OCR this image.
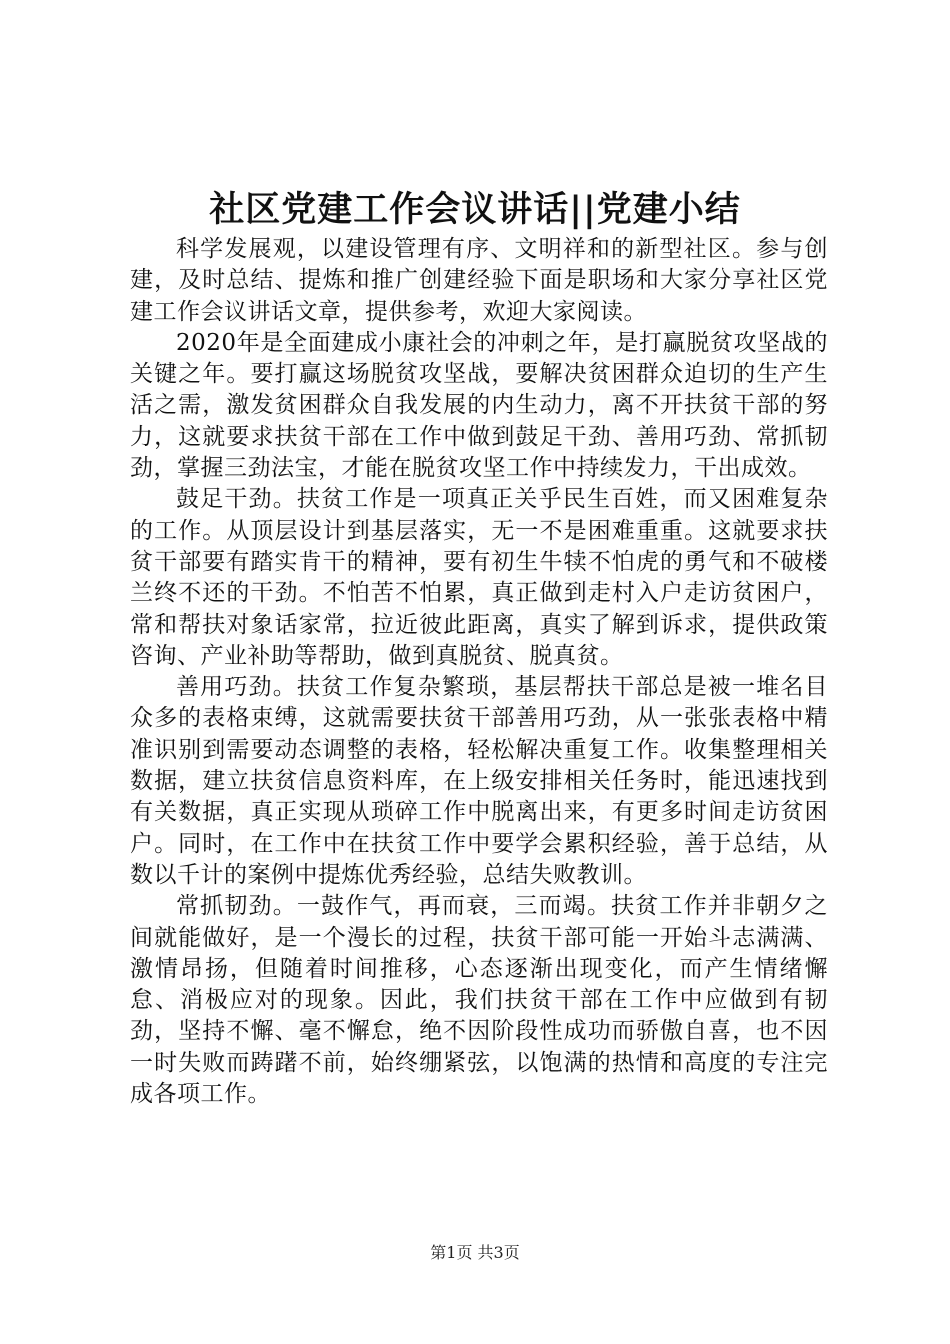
社区党建工作会议讲话||党建小结

科学发展观，以建设管理有序、文明祥和的新型社区。参与创建，及时总结、提炼和推广创建经验下面是职场和大家分享社区党建工作会议讲话文章，提供参考，欢迎大家阅读。

2020年是全面建成小康社会的冲刺之年，是打赢脱贫攻坚战的关键之年。要打赢这场脱贫攻坚战，要解决贫困群众迫切的生产生活之需，激发贫困群众自我发展的内生动力，离不开扶贫干部的努力，这就要求扶贫干部在工作中做到鼓足干劲、善用巧劲、常抓韧劲，掌握三劲法宝，才能在脱贫攻坚工作中持续发力，干出成效。

鼓足干劲。扶贫工作是一项真正关乎民生百姓，而又困难复杂的工作。从顶层设计到基层落实，无一不是困难重重。这就要求扶贫干部要有踏实肯干的精神，要有初生牛犊不怕虎的勇气和不破楼兰终不还的干劲。不怕苦不怕累，真正做到走村入户走访贫困户，常和帮扶对象话家常，拉近彼此距离，真实了解到诉求，提供政策咨询、产业补助等帮助，做到真脱贫、脱真贫。

善用巧劲。扶贫工作复杂繁琐，基层帮扶干部总是被一堆名目众多的表格束缚，这就需要扶贫干部善用巧劲，从一张张表格中精准识别到需要动态调整的表格，轻松解决重复工作。收集整理相关数据，建立扶贫信息资料库，在上级安排相关任务时，能迅速找到有关数据，真正实现从琐碎工作中脱离出来，有更多时间走访贫困户。同时，在工作中在扶贫工作中要学会累积经验，善于总结，从数以千计的案例中提炼优秀经验，总结失败教训。

常抓韧劲。一鼓作气，再而衰，三而竭。扶贫工作并非朝夕之间就能做好，是一个漫长的过程，扶贫干部可能一开始斗志满满、激情昂扬，但随着时间推移，心态逐渐出现变化，而产生情绪懈怠、消极应对的现象。因此，我们扶贫干部在工作中应做到有韧劲，坚持不懈、毫不懈怠，绝不因阶段性成功而骄傲自喜，也不因一时失败而踌躇不前，始终绷紧弦，以饱满的热情和高度的专注完成各项工作。

第1页 共3页
